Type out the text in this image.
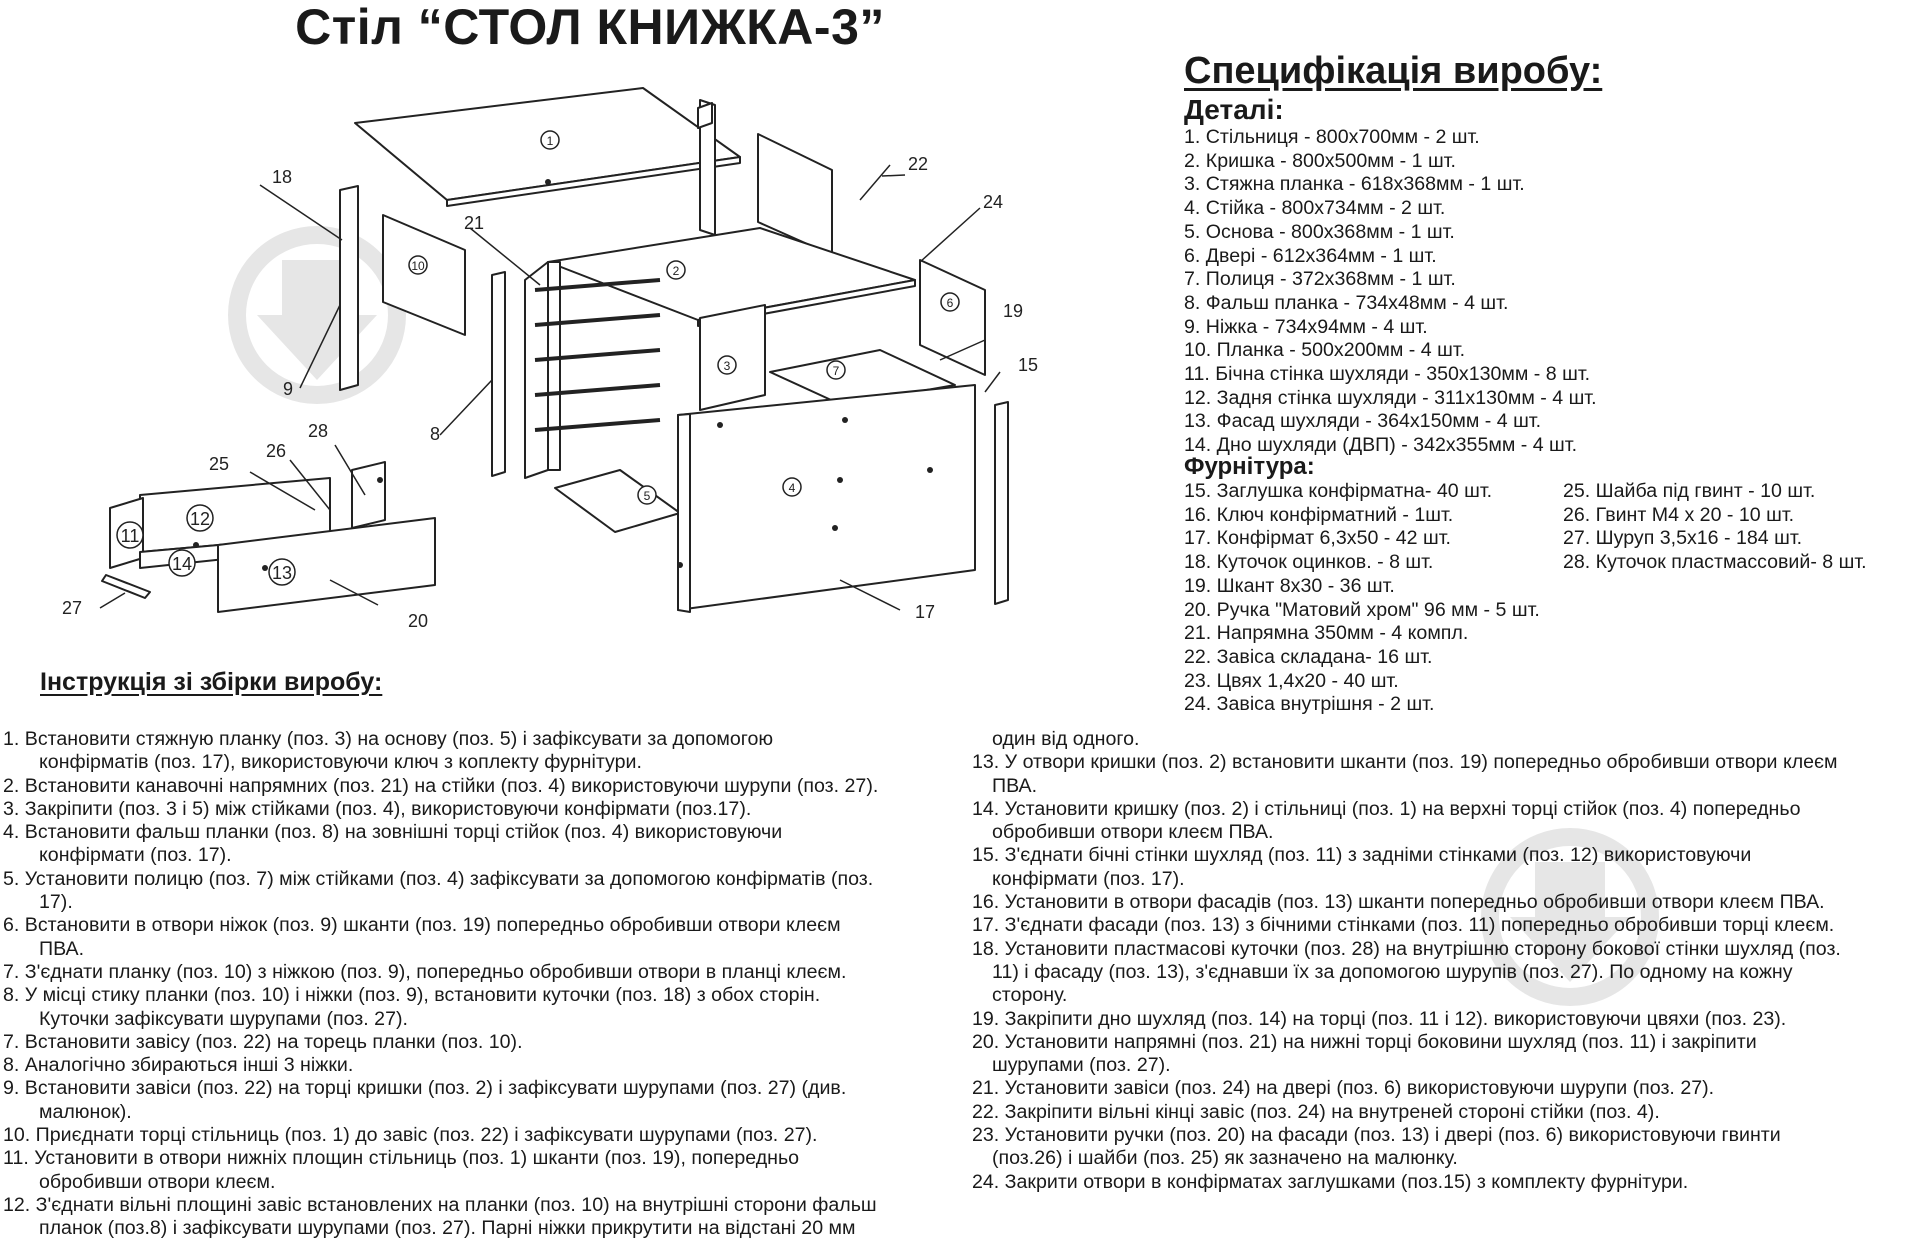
Стіл “СТОЛ КНИЖКА-3”
1
2
3
4
5
6
7
10
11
12
14	13
18
9
21
22
24
19
15
8
28
26
25
27
20	17
Специфікація виробу:
Деталі:
1. Стільниця - 800х700мм - 2 шт.
2. Кришка - 800х500мм - 1 шт.
3. Стяжна планка - 618х368мм - 1 шт.
4. Стійка - 800х734мм - 2 шт.
5. Основа - 800х368мм - 1 шт.
6. Двері - 612х364мм - 1 шт.
7. Полиця - 372х368мм - 1 шт.
8. Фальш планка - 734х48мм - 4 шт.
9. Ніжка - 734х94мм - 4 шт.
10. Планка - 500х200мм - 4 шт.
11. Бічна стінка шухляди - 350х130мм - 8 шт.
12. Задня стінка шухляди - 311х130мм - 4 шт.
13. Фасад шухляди - 364х150мм - 4 шт.
14. Дно шухляди (ДВП) - 342х355мм - 4 шт.
Фурнітура:
15. Заглушка конфірматна- 40 шт.
16. Ключ конфірматний - 1шт.
17. Конфірмат 6,3х50 - 42 шт.
18. Куточок оцинков. - 8 шт.
19. Шкант 8х30 - 36 шт.
20. Ручка "Матовий хром" 96 мм - 5 шт.
21. Напрямна 350мм - 4 компл.
22. Завіса складана- 16 шт.
23. Цвях 1,4х20 - 40 шт.
24. Завіса внутрішня - 2 шт.
25. Шайба під гвинт - 10 шт.
26. Гвинт М4 х 20 - 10 шт.
27. Шуруп 3,5х16 - 184 шт.
28. Куточок пластмассовий- 8 шт.
Інструкція зі збірки виробу:
1. Встановити стяжную планку (поз. 3) на основу (поз. 5) і зафіксувати за допомогою
конфірматів (поз. 17), використовуючи ключ з коплекту фурнітури.
2. Встановити канавочні напрямних (поз. 21) на стійки (поз. 4) використовуючи шурупи (поз. 27).
3. Закріпити (поз. 3 і 5) між стійками (поз. 4), використовуючи конфірмати (поз.17).
4. Встановити фальш планки (поз. 8) на зовнішні торці стійок (поз. 4) використовуючи
конфірмати (поз. 17).
5. Установити полицю (поз. 7) між стійками (поз. 4) зафіксувати за допомогою конфірматів (поз.
17).
6. Встановити в отвори ніжок (поз. 9) шканти (поз. 19) попередньо обробивши отвори клеєм
ПВА.
7. З'єднати планку (поз. 10) з ніжкою (поз. 9), попередньо обробивши отвори в планці клеєм.
8. У місці стику планки (поз. 10) і ніжки (поз. 9), встановити куточки (поз. 18) з обох сторін.
Куточки зафіксувати шурупами (поз. 27).
7. Встановити завісу (поз. 22) на торець планки (поз. 10).
8. Аналогічно збираються інші 3 ніжки.
9. Встановити завіси (поз. 22) на торці кришки (поз. 2) і зафіксувати шурупами (поз. 27) (див.
малюнок).
10. Приєднати торці стільниць (поз. 1) до завіс (поз. 22) і зафіксувати шурупами (поз. 27).
11. Установити в отвори нижніх площин стільниць (поз. 1) шканти (поз. 19), попередньо
обробивши отвори клеєм.
12. З'єднати вільні площині завіс встановлених на планки (поз. 10) на внутрішні сторони фальш
планок (поз.8) і зафіксувати шурупами (поз. 27). Парні ніжки прикрутити на відстані 20 мм
один від одного.
13. У отвори кришки (поз. 2) встановити шканти (поз. 19) попередньо обробивши отвори клеєм
ПВА.
14. Установити кришку (поз. 2) і стільниці (поз. 1) на верхні торці стійок (поз. 4) попередньо
обробивши отвори клеєм ПВА.
15. З'єднати бічні стінки шухляд (поз. 11) з задніми стінками (поз. 12) використовуючи
конфірмати (поз. 17).
16. Установити в отвори фасадів (поз. 13) шканти попередньо обробивши отвори клеєм ПВА.
17. З'єднати фасади (поз. 13) з бічними стінками (поз. 11) попередньо обробивши торці клеєм.
18. Установити пластмасові куточки (поз. 28) на внутрішню сторону бокової стінки шухляд (поз.
11) і фасаду (поз. 13), з'єднавши їх за допомогою шурупів (поз. 27). По одному на кожну
сторону.
19. Закріпити дно шухляд (поз. 14) на торці (поз. 11 і 12). використовуючи цвяхи (поз. 23).
20. Установити напрямні (поз. 21) на нижні торці боковини шухляд (поз. 11) і закріпити
шурупами (поз. 27).
21. Установити завіси (поз. 24) на двері (поз. 6) використовуючи шурупи (поз. 27).
22. Закріпити вільні кінці завіс (поз. 24) на внутреней стороні стійки (поз. 4).
23. Установити ручки (поз. 20) на фасади (поз. 13) і двері (поз. 6) використовуючи гвинти
(поз.26) і шайби (поз. 25) як зазначено на малюнку.
24. Закрити отвори в конфірматах заглушками (поз.15) з комплекту фурнітури.
